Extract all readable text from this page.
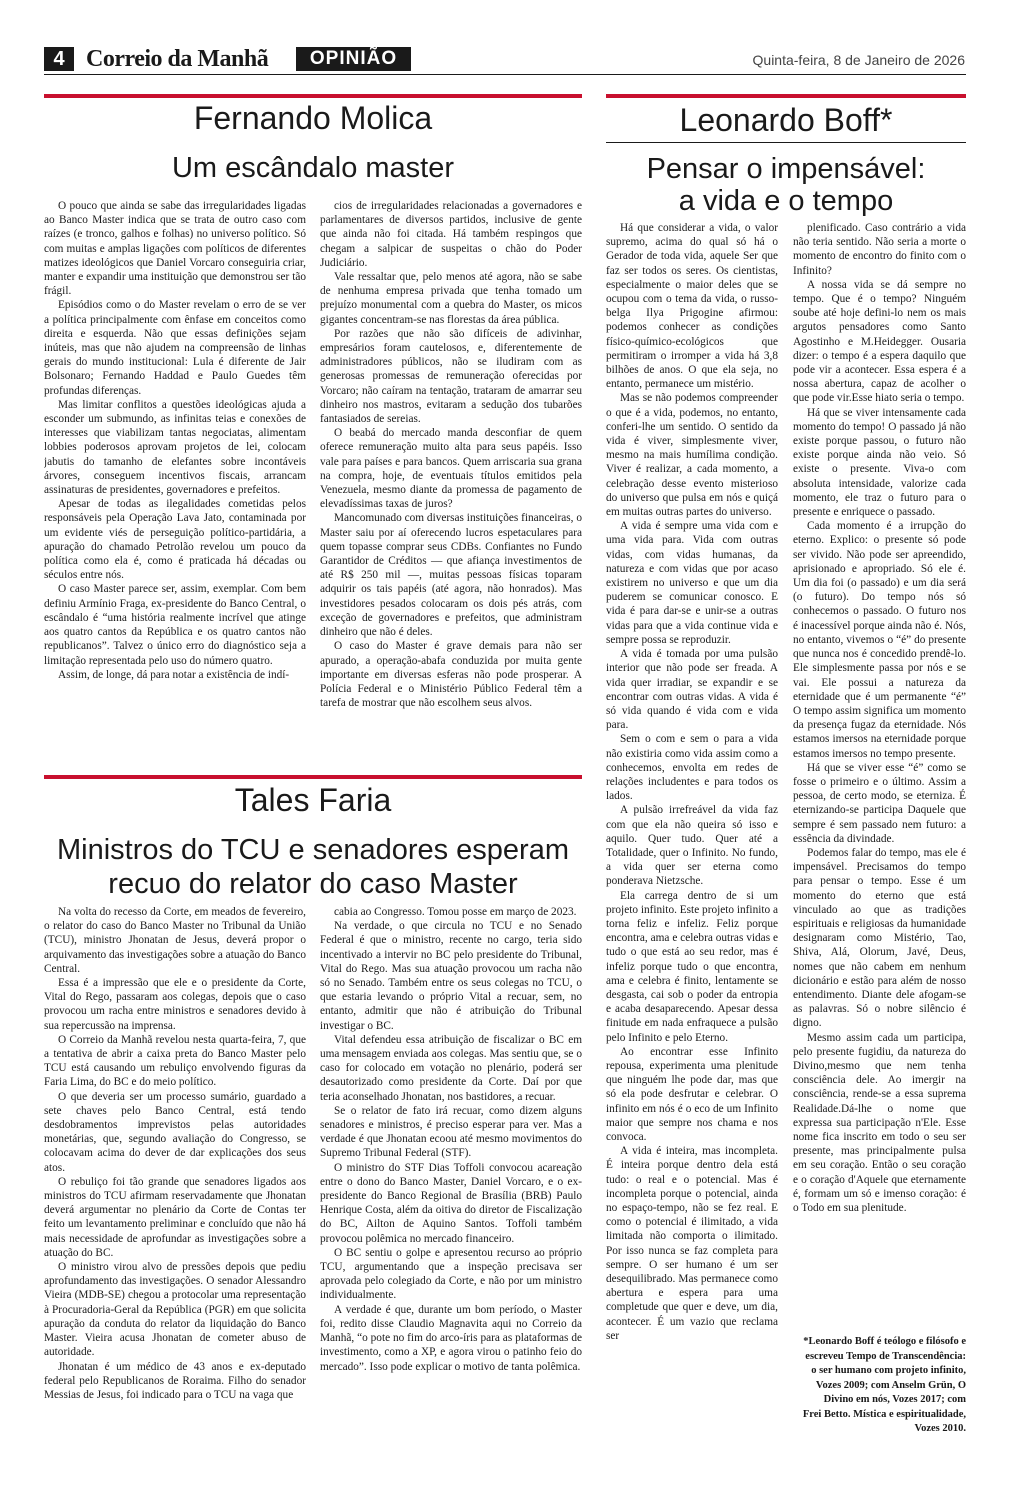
4 Correio da Manhã	OPINIÃO	Quinta-feira, 8 de Janeiro de 2026
Fernando Molica
Um escândalo master

O pouco que ainda se sabe das irregularidades ligadas ao Banco Master indica que se trata de outro caso com raízes (e tronco, galhos e folhas) no universo político. Só com muitas e amplas ligações com políticos de diferentes matizes ideológicos que Daniel Vorcaro conseguiria criar, manter e expandir uma instituição que demonstrou ser tão frágil.

Episódios como o do Master revelam o erro de se ver a política principalmente com ênfase em conceitos como direita e esquerda. Não que essas definições sejam inúteis, mas que não ajudem na compreensão de linhas gerais do mundo institucional: Lula é diferente de Jair Bolsonaro; Fernando Haddad e Paulo Guedes têm profundas diferenças.

Mas limitar conflitos a questões ideológicas ajuda a esconder um submundo, as infinitas teias e conexões de interesses que viabilizam tantas negociatas, alimentam lobbies poderosos aprovam projetos de lei, colocam jabutis do tamanho de elefantes sobre incontáveis árvores, conseguem incentivos fiscais, arrancam assinaturas de presidentes, governadores e prefeitos.

Apesar de todas as ilegalidades cometidas pelos responsáveis pela Operação Lava Jato, contaminada por um evidente viés de perseguição político-partidária, a apuração do chamado Petrolão revelou um pouco da política como ela é, como é praticada há décadas ou séculos entre nós.

O caso Master parece ser, assim, exemplar. Com bem definiu Armínio Fraga, ex-presidente do Banco Central, o escândalo é “uma história realmente incrível que atinge aos quatro cantos da República e os quatro cantos não republicanos”. Talvez o único erro do diagnóstico seja a limitação representada pelo uso do número quatro.

Assim, de longe, dá para notar a existência de indí-

cios de irregularidades relacionadas a governadores e parlamentares de diversos partidos, inclusive de gente que ainda não foi citada. Há também respingos que chegam a salpicar de suspeitas o chão do Poder Judiciário.

Vale ressaltar que, pelo menos até agora, não se sabe de nenhuma empresa privada que tenha tomado um prejuízo monumental com a quebra do Master, os micos gigantes concentram-se nas florestas da área pública.

Por razões que não são difíceis de adivinhar, empresários foram cautelosos, e, diferentemente de administradores públicos, não se iludiram com as generosas promessas de remuneração oferecidas por Vorcaro; não caíram na tentação, trataram de amarrar seu dinheiro nos mastros, evitaram a sedução dos tubarões fantasiados de sereias.

O beabá do mercado manda desconfiar de quem oferece remuneração muito alta para seus papéis. Isso vale para países e para bancos. Quem arriscaria sua grana na compra, hoje, de eventuais títulos emitidos pela Venezuela, mesmo diante da promessa de pagamento de elevadíssimas taxas de juros?

Mancomunado com diversas instituições financeiras, o Master saiu por aí oferecendo lucros espetaculares para quem topasse comprar seus CDBs. Confiantes no Fundo Garantidor de Créditos — que afiança investimentos de até R$ 250 mil —, muitas pessoas físicas toparam adquirir os tais papéis (até agora, não honrados). Mas investidores pesados colocaram os dois pés atrás, com exceção de governadores e prefeitos, que administram dinheiro que não é deles.

O caso do Master é grave demais para não ser apurado, a operação-abafa conduzida por muita gente importante em diversas esferas não pode prosperar. A Polícia Federal e o Ministério Público Federal têm a tarefa de mostrar que não escolhem seus alvos.

Tales Faria
Ministros do TCU e senadores esperam
recuo do relator do caso Master

Na volta do recesso da Corte, em meados de fevereiro, o relator do caso do Banco Master no Tribunal da União (TCU), ministro Jhonatan de Jesus, deverá propor o arquivamento das investigações sobre a atuação do Banco Central.

Essa é a impressão que ele e o presidente da Corte, Vital do Rego, passaram aos colegas, depois que o caso provocou um racha entre ministros e senadores devido à sua repercussão na imprensa.

O Correio da Manhã revelou nesta quarta-feira, 7, que a tentativa de abrir a caixa preta do Banco Master pelo TCU está causando um rebuliço envolvendo figuras da Faria Lima, do BC e do meio político.

O que deveria ser um processo sumário, guardado a sete chaves pelo Banco Central, está tendo desdobramentos imprevistos pelas autoridades monetárias, que, segundo avaliação do Congresso, se colocavam acima do dever de dar explicações dos seus atos.

O rebuliço foi tão grande que senadores ligados aos ministros do TCU afirmam reservadamente que Jhonatan deverá argumentar no plenário da Corte de Contas ter feito um levantamento preliminar e concluído que não há mais necessidade de aprofundar as investigações sobre a atuação do BC.

O ministro virou alvo de pressões depois que pediu aprofundamento das investigações. O senador Alessandro Vieira (MDB-SE) chegou a protocolar uma representação à Procuradoria-Geral da República (PGR) em que solicita apuração da conduta do relator da liquidação do Banco Master. Vieira acusa Jhonatan de cometer abuso de autoridade.

Jhonatan é um médico de 43 anos e ex-deputado federal pelo Republicanos de Roraima. Filho do senador Messias de Jesus, foi indicado para o TCU na vaga que

cabia ao Congresso. Tomou posse em março de 2023.

Na verdade, o que circula no TCU e no Senado Federal é que o ministro, recente no cargo, teria sido incentivado a intervir no BC pelo presidente do Tribunal, Vital do Rego. Mas sua atuação provocou um racha não só no Senado. Também entre os seus colegas no TCU, o que estaria levando o próprio Vital a recuar, sem, no entanto, admitir que não é atribuição do Tribunal investigar o BC.

Vital defendeu essa atribuição de fiscalizar o BC em uma mensagem enviada aos colegas. Mas sentiu que, se o caso for colocado em votação no plenário, poderá ser desautorizado como presidente da Corte. Daí por que teria aconselhado Jhonatan, nos bastidores, a recuar.

Se o relator de fato irá recuar, como dizem alguns senadores e ministros, é preciso esperar para ver. Mas a verdade é que Jhonatan ecoou até mesmo movimentos do Supremo Tribunal Federal (STF).

O ministro do STF Dias Toffoli convocou acareação entre o dono do Banco Master, Daniel Vorcaro, e o ex-presidente do Banco Regional de Brasília (BRB) Paulo Henrique Costa, além da oitiva do diretor de Fiscalização do BC, Ailton de Aquino Santos. Toffoli também provocou polêmica no mercado financeiro.

O BC sentiu o golpe e apresentou recurso ao próprio TCU, argumentando que a inspeção precisava ser aprovada pelo colegiado da Corte, e não por um ministro individualmente.

A verdade é que, durante um bom período, o Master foi, redito disse Claudio Magnavita aqui no Correio da Manhã, “o pote no fim do arco-íris para as plataformas de investimento, como a XP, e agora virou o patinho feio do mercado”. Isso pode explicar o motivo de tanta polêmica.

Leonardo Boff*
Pensar o impensável:
a vida e o tempo

Há que considerar a vida, o valor supremo, acima do qual só há o Gerador de toda vida, aquele Ser que faz ser todos os seres. Os cientistas, especialmente o maior deles que se ocupou com o tema da vida, o russo-belga Ilya Prigogine afirmou: podemos conhecer as condições físico-químico-ecológicos que permitiram o irromper a vida há 3,8 bilhões de anos. O que ela seja, no entanto, permanece um mistério.

Mas se não podemos compreender o que é a vida, podemos, no entanto, conferi-lhe um sentido. O sentido da vida é viver, simplesmente viver, mesmo na mais humílima condição. Viver é realizar, a cada momento, a celebração desse evento misterioso do universo que pulsa em nós e quiçá em muitas outras partes do universo.

A vida é sempre uma vida com e uma vida para. Vida com outras vidas, com vidas humanas, da natureza e com vidas que por acaso existirem no universo e que um dia puderem se comunicar conosco. E vida é para dar-se e unir-se a outras vidas para que a vida continue vida e sempre possa se reproduzir.

A vida é tomada por uma pulsão interior que não pode ser freada. A vida quer irradiar, se expandir e se encontrar com outras vidas. A vida é só vida quando é vida com e vida para.

Sem o com e sem o para a vida não existiria como vida assim como a conhecemos, envolta em redes de relações includentes e para todos os lados.

A pulsão irrefreável da vida faz com que ela não queira só isso e aquilo. Quer tudo. Quer até a Totalidade, quer o Infinito. No fundo, a vida quer ser eterna como ponderava Nietzsche.

Ela carrega dentro de si um projeto infinito. Este projeto infinito a torna feliz e infeliz. Feliz porque encontra, ama e celebra outras vidas e tudo o que está ao seu redor, mas é infeliz porque tudo o que encontra, ama e celebra é finito, lentamente se desgasta, cai sob o poder da entropia e acaba desaparecendo. Apesar dessa finitude em nada enfraquece a pulsão pelo Infinito e pelo Eterno.

Ao encontrar esse Infinito repousa, experimenta uma plenitude que ninguém lhe pode dar, mas que só ela pode desfrutar e celebrar. O infinito em nós é o eco de um Infinito maior que sempre nos chama e nos convoca.

A vida é inteira, mas incompleta. É inteira porque dentro dela está tudo: o real e o potencial. Mas é incompleta porque o potencial, ainda no espaço-tempo, não se fez real. E como o potencial é ilimitado, a vida limitada não comporta o ilimitado. Por isso nunca se faz completa para sempre. O ser humano é um ser desequilibrado. Mas permanece como abertura e espera para uma completude que quer e deve, um dia, acontecer. É um vazio que reclama ser

plenificado. Caso contrário a vida não teria sentido. Não seria a morte o momento de encontro do finito com o Infinito?

A nossa vida se dá sempre no tempo. Que é o tempo? Ninguém soube até hoje defini-lo nem os mais argutos pensadores como Santo Agostinho e M.Heidegger. Ousaria dizer: o tempo é a espera daquilo que pode vir a acontecer. Essa espera é a nossa abertura, capaz de acolher o que pode vir.Esse hiato seria o tempo.

Há que se viver intensamente cada momento do tempo! O passado já não existe porque passou, o futuro não existe porque ainda não veio. Só existe o presente. Viva-o com absoluta intensidade, valorize cada momento, ele traz o futuro para o presente e enriquece o passado.

Cada momento é a irrupção do eterno. Explico: o presente só pode ser vivido. Não pode ser apreendido, aprisionado e apropriado. Só ele é. Um dia foi (o passado) e um dia será (o futuro). Do tempo nós só conhecemos o passado. O futuro nos é inacessível porque ainda não é. Nós, no entanto, vivemos o “é” do presente que nunca nos é concedido prendê-lo. Ele simplesmente passa por nós e se vai. Ele possui a natureza da eternidade que é um permanente “é” O tempo assim significa um momento da presença fugaz da eternidade. Nós estamos imersos na eternidade porque estamos imersos no tempo presente.

Há que se viver esse “é” como se fosse o primeiro e o último. Assim a pessoa, de certo modo, se eterniza. É eternizando-se participa Daquele que sempre é sem passado nem futuro: a essência da divindade.

Podemos falar do tempo, mas ele é impensável. Precisamos do tempo para pensar o tempo. Esse é um momento do eterno que está vinculado ao que as tradições espirituais e religiosas da humanidade designaram como Mistério, Tao, Shiva, Alá, Olorum, Javé, Deus, nomes que não cabem em nenhum dicionário e estão para além de nosso entendimento. Diante dele afogam-se as palavras. Só o nobre silêncio é digno.

Mesmo assim cada um participa, pelo presente fugidiu, da natureza do Divino,mesmo que nem tenha consciência dele. Ao imergir na consciência, rende-se a essa suprema Realidade.Dá-lhe o nome que expressa sua participação n'Ele. Esse nome fica inscrito em todo o seu ser presente, mas principalmente pulsa em seu coração. Então o seu coração e o coração d'Aquele que eternamente é, formam um só e imenso coração: é o Todo em sua plenitude.

*Leonardo Boff é teólogo e filósofo e
escreveu Tempo de Transcendência:
o ser humano com projeto infinito,
Vozes 2009; com Anselm Grün, O
Divino em nós, Vozes 2017; com
Frei Betto. Mística e espiritualidade,
Vozes 2010.
